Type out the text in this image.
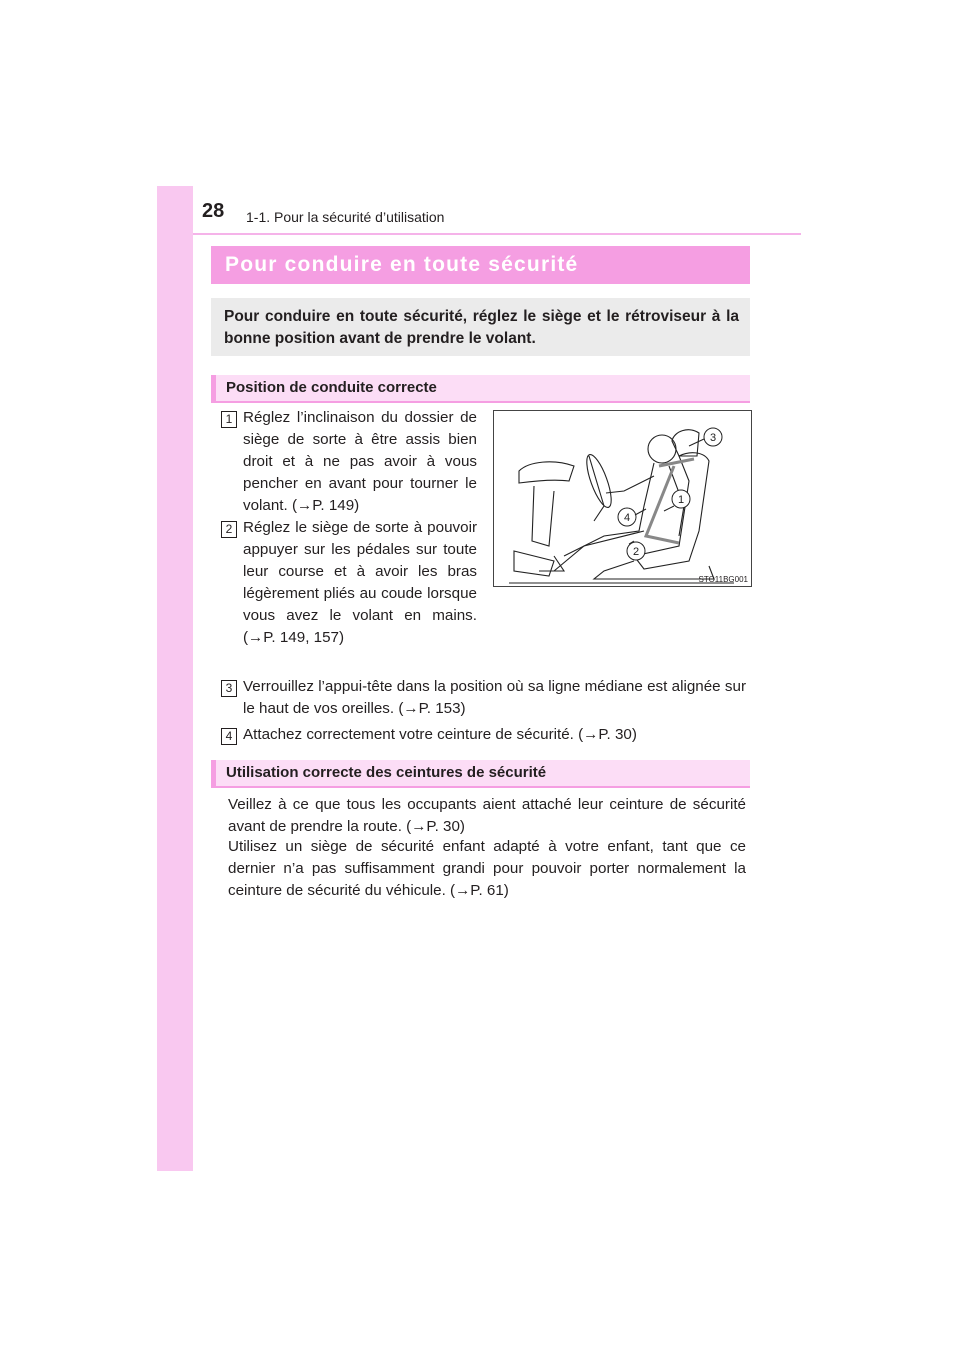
28 1-1. Pour la sécurité d’utilisation
Pour conduire en toute sécurité
Pour conduire en toute sécurité, réglez le siège et le rétroviseur à la bonne position avant de prendre le volant.
Position de conduite correcte
1 Réglez l’inclinaison du dossier de siège de sorte à être assis bien droit et à ne pas avoir à vous pencher en avant pour tourner le volant. (→P. 149)
2 Réglez le siège de sorte à pouvoir appuyer sur les pédales sur toute leur course et à avoir les bras légèrement pliés au coude lorsque vous avez le volant en mains. (→P. 149, 157)
1
2
3
4
STO11BG001
3 Verrouillez l’appui-tête dans la position où sa ligne médiane est alignée sur le haut de vos oreilles. (→P. 153)
4 Attachez correctement votre ceinture de sécurité. (→P. 30)
Utilisation correcte des ceintures de sécurité
Veillez à ce que tous les occupants aient attaché leur ceinture de sécurité avant de prendre la route. (→P. 30)
Utilisez un siège de sécurité enfant adapté à votre enfant, tant que ce dernier n’a pas suffisamment grandi pour pouvoir porter normalement la ceinture de sécurité du véhicule. (→P. 61)
